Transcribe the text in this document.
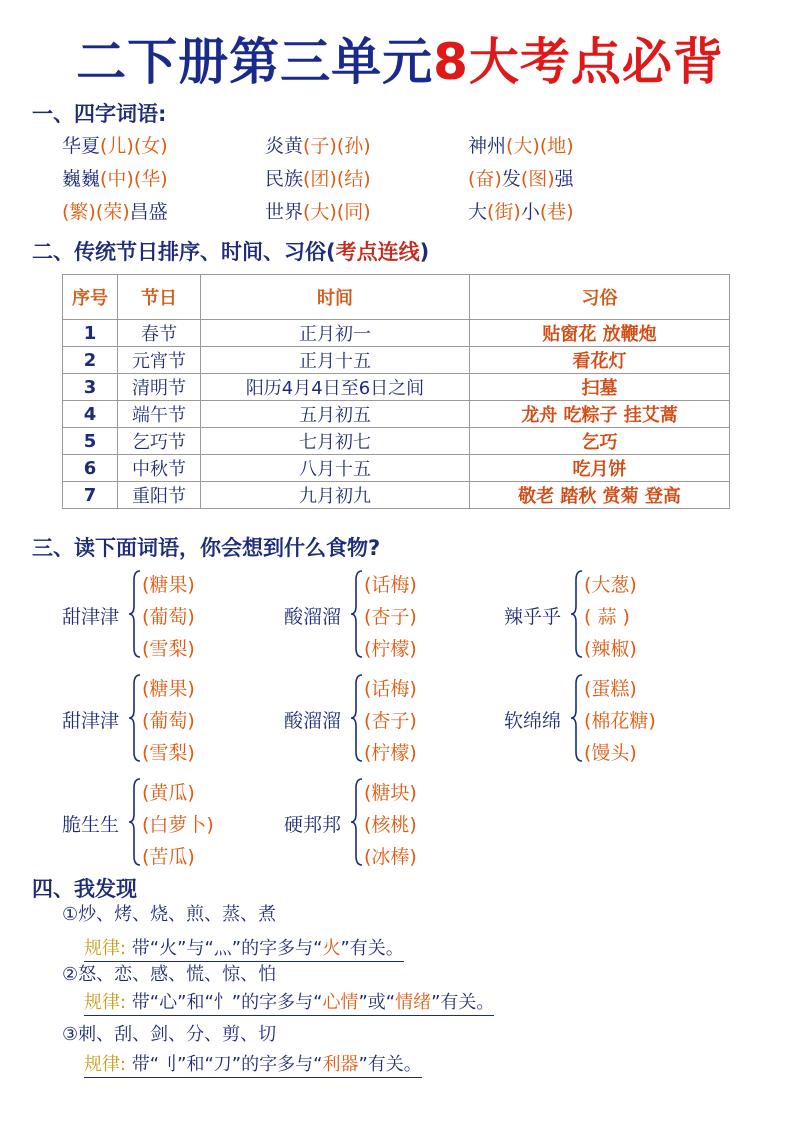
二下册第三单元8大考点必背
一、四字词语:
华夏(儿)(女)	炎黄(子)(孙)	神州(大)(地)
巍巍(中)(华)	民族(团)(结)	(奋)发(图)强
(繁)(荣)昌盛	世界(大)(同)	大(街)小(巷)
二、传统节日排序、时间、习俗(考点连线)
序号	节日	时间	习俗
1	春节	正月初一	贴窗花 放鞭炮
2	元宵节	正月十五	看花灯
3	清明节	阳历4月4日至6日之间	扫墓
4	端午节	五月初五	龙舟 吃粽子 挂艾蒿
5	乞巧节	七月初七	乞巧
6	中秋节	八月十五	吃月饼
7	重阳节	九月初九	敬老 踏秋 赏菊 登高
三、读下面词语，你会想到什么食物?
甜津津
(糖果)
(葡萄)
(雪梨)
酸溜溜
(话梅)
(杏子)
(柠檬)
辣乎乎
(大葱)
( 蒜 )
(辣椒)
甜津津
(糖果)
(葡萄)
(雪梨)
酸溜溜
(话梅)
(杏子)
(柠檬)
软绵绵
(蛋糕)
(棉花糖)
(馒头)
脆生生
(黄瓜)
(白萝卜)
(苦瓜)
硬邦邦
(糖块)
(核桃)
(冰棒)
四、我发现
①炒、烤、烧、煎、蒸、煮
规律: 带“火”与“灬”的字多与“火”有关。
②怒、恋、感、慌、惊、怕
规律: 带“心”和“忄”的字多与“心情”或“情绪”有关。
③刺、刮、剑、分、剪、切
规律: 带“刂”和“刀”的字多与“利器”有关。
